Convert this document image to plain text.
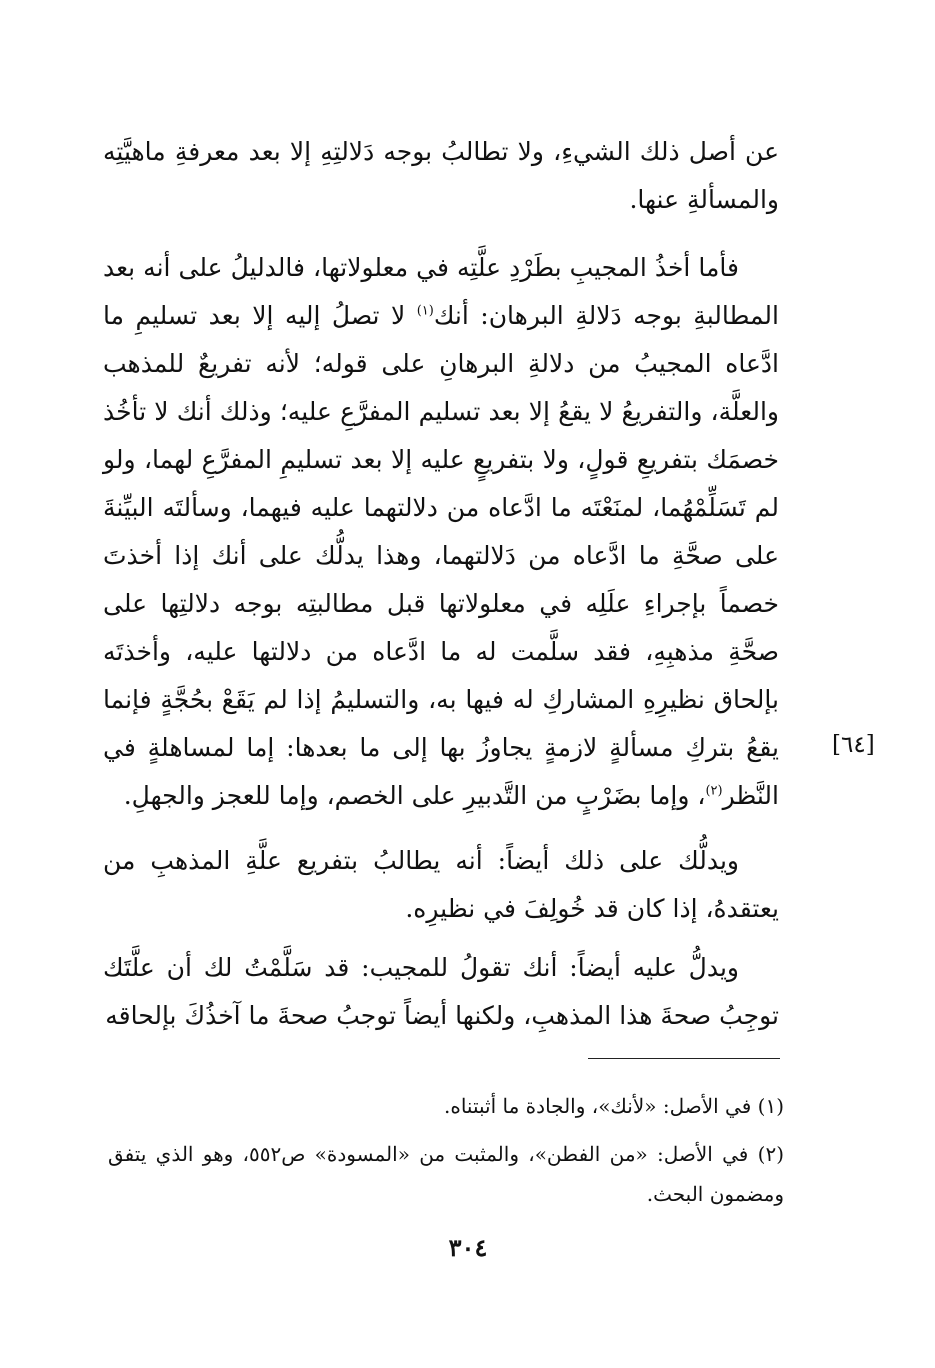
عن أصل ذلك الشيءِ، ولا تطالبُ بوجه دَلالتِهِ إلا بعد معرفةِ ماهيَّتِه والمسألةِ عنها.

فأما أخذُ المجيبِ بطَرْدِ علَّتِه في معلولاتها، فالدليلُ على أنه بعد المطالبةِ بوجه دَلالةِ البرهان: أنك$^{(١)}$ لا تصلُ إليه إلا بعد تسليمِ ما ادَّعاه المجيبُ من دلالةِ البرهانِ على قوله؛ لأنه تفريعٌ للمذهب والعلَّة، والتفريعُ لا يقعُ إلا بعد تسليم المفرَّعِ عليه؛ وذلك أنك لا تأخُذ خصمَك بتفريعِ قولٍ، ولا بتفريعٍ عليه إلا بعد تسليمِ المفرَّعِ لهما، ولو لم تَسَلِّمْهُما، لمنَعْتَه ما ادَّعاه من دلالتهما عليه فيهما، وسألتَه البيِّنةَ على صحَّةِ ما ادَّعاه من دَلالتهما، وهذا يدلُّك على أنك إذا أخذتَ خصماً بإجراءِ علَلِه في معلولاتها قبل مطالبتِه بوجه دلالتِها على صحَّةِ مذهبِهِ، فقد سلَّمت له ما ادَّعاه من دلالتها عليه، وأخذتَه بإلحاق نظيرِهِ المشاركِ له فيها به، والتسليمُ إذا لم يَقَعْ بحُجَّةٍ فإنما يقعُ بتركِ مسألةٍ لازمةٍ يجاوزُ بها إلى ما بعدها: إما لمساهلةٍ في النَّظر$^{(٢)}$، وإما بضَرْبٍ من التَّدبيرِ على الخصم، وإما للعجز والجهلِ.

[٦٤]

ويدلُّك على ذلك أيضاً: أنه يطالبُ بتفريع علَّةِ المذهبِ من يعتقدهُ، إذا كان قد خُولِفَ في نظيرِه.

ويدلُّ عليه أيضاً: أنك تقولُ للمجيب: قد سَلَّمْتُ لك أن علَّتَك توجِبُ صحةَ هذا المذهبِ، ولكنها أيضاً توجبُ صحةَ ما آخذُكَ بإلحاقه

(١) في الأصل: «لأنك»، والجادة ما أثبتناه.

(٢) في الأصل: «من الفطن»، والمثبت من «المسودة» ص٥٥٢، وهو الذي يتفق ومضمون البحث.

٣٠٤
